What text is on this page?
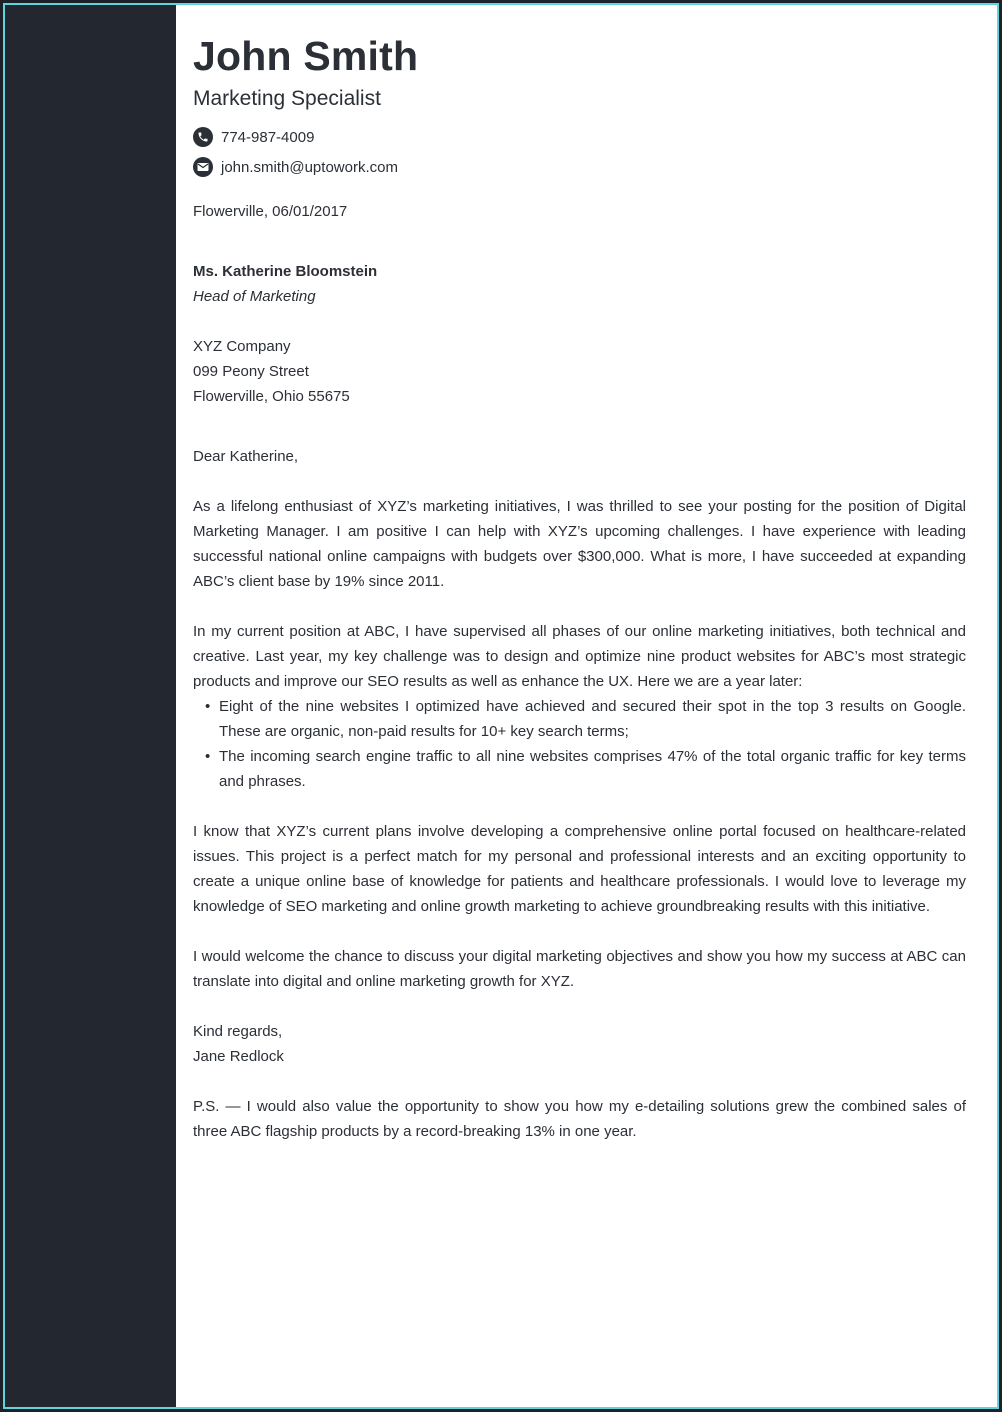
John Smith
Marketing Specialist
774-987-4009
john.smith@uptowork.com
Flowerville, 06/01/2017
Ms. Katherine Bloomstein
Head of Marketing
XYZ Company
099 Peony Street
Flowerville, Ohio 55675
Dear Katherine,
As a lifelong enthusiast of XYZ’s marketing initiatives, I was thrilled to see your posting for the position of Digital Marketing Manager. I am positive I can help with XYZ’s upcoming challenges. I have experience with leading successful national online campaigns with budgets over $300,000. What is more, I have succeeded at expanding ABC’s client base by 19% since 2011.
In my current position at ABC, I have supervised all phases of our online marketing initiatives, both technical and creative. Last year, my key challenge was to design and optimize nine product websites for ABC’s most strategic products and improve our SEO results as well as enhance the UX. Here we are a year later:
• Eight of the nine websites I optimized have achieved and secured their spot in the top 3 results on Google. These are organic, non-paid results for 10+ key search terms;
• The incoming search engine traffic to all nine websites comprises 47% of the total organic traffic for key terms and phrases.
I know that XYZ’s current plans involve developing a comprehensive online portal focused on healthcare-related issues. This project is a perfect match for my personal and professional interests and an exciting opportunity to create a unique online base of knowledge for patients and healthcare professionals. I would love to leverage my knowledge of SEO marketing and online growth marketing to achieve groundbreaking results with this initiative.
I would welcome the chance to discuss your digital marketing objectives and show you how my success at ABC can translate into digital and online marketing growth for XYZ.
Kind regards,
Jane Redlock
P.S. — I would also value the opportunity to show you how my e-detailing solutions grew the combined sales of three ABC flagship products by a record-breaking 13% in one year.
